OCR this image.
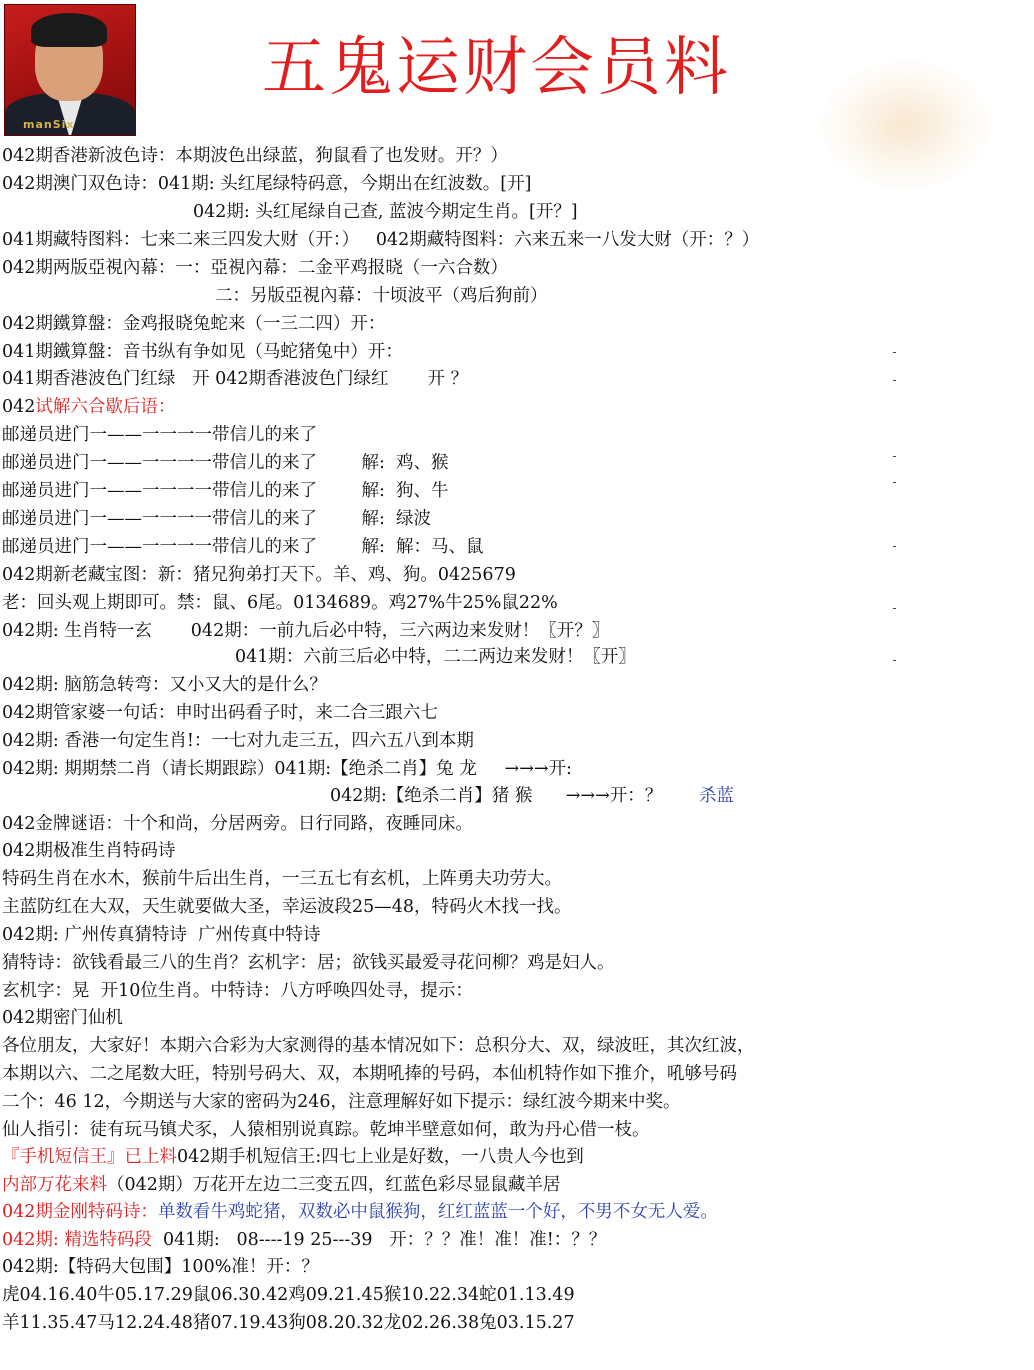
manSix
五鬼运财会员料
042期香港新波色诗：本期波色出绿蓝，狗鼠看了也发财。开？）
042期澳门双色诗：041期: 头红尾绿特码意，今期出在红波数。[开]
042期: 头红尾绿自己查, 蓝波今期定生肖。[开？]
041期藏特图料：七来二来三四发大财（开：）   042期藏特图料：六来五来一八发大财（开：？）
042期两版亞視內幕：一：亞視內幕：二金平鸡报晓（一六合数）
二：另版亞視內幕：十顷波平（鸡后狗前）
042期鐵算盤：金鸡报晓兔蛇来（一三二四）开：
041期鐵算盤：音书纵有争如见（马蛇猪兔中）开：
041期香港波色门红绿   开 042期香港波色门绿红       开 ？
042试解六合歇后语：
邮递员进门一——一一一一带信儿的来了
邮递员进门一——一一一一带信儿的来了        解:  鸡、猴
邮递员进门一——一一一一带信儿的来了        解:  狗、牛
邮递员进门一——一一一一带信儿的来了        解:  绿波
邮递员进门一——一一一一带信儿的来了        解:  解：马、鼠
042期新老藏宝图：新：猪兄狗弟打天下。羊、鸡、狗。0425679
老：回头观上期即可。禁：鼠、6尾。0134689。鸡27%牛25%鼠22%
042期: 生肖特一玄       042期：一前九后必中特，三六两边来发财！〖开？〗
041期：六前三后必中特，二二两边来发财！〖开〗
042期: 脑筋急转弯：又小又大的是什么？
042期管家婆一句话：申时出码看子时，来二合三跟六七
042期: 香港一句定生肖!：一七对九走三五，四六五八到本期
042期: 期期禁二肖（请长期跟踪）041期:【绝杀二肖】兔 龙     →→→开:
042期:【绝杀二肖】猪 猴      →→→开：？   杀蓝
042金牌谜语：十个和尚，分居两旁。日行同路，夜睡同床。
042期极准生肖特码诗
特码生肖在水木，猴前牛后出生肖，一三五七有玄机，上阵勇夫功劳大。
主蓝防红在大双，天生就要做大圣，幸运波段25—48，特码火木找一找。
042期: 广州传真猜特诗  广州传真中特诗
猜特诗：欲钱看最三八的生肖？玄机字：居；欲钱买最爱寻花问柳？鸡是妇人。
玄机字：晃  开10位生肖。中特诗：八方呼唤四处寻，提示：
042期密门仙机
各位朋友，大家好！本期六合彩为大家测得的基本情况如下：总积分大、双，绿波旺，其次红波，
本期以六、二之尾数大旺，特别号码大、双，本期吼捧的号码，本仙机特作如下推介，吼够号码
二个：46 12，今期送与大家的密码为246，注意理解好如下提示：绿红波今期来中奖。
仙人指引：徒有玩马镇犬豕，人猿相别说真踪。乾坤半壁意如何，敢为丹心借一枝。
『手机短信王』已上料042期手机短信王:四七上业是好数，一八贵人今也到
内部万花来料（042期）万花开左边二三变五四，红蓝色彩尽显鼠藏羊居
042期金刚特码诗：单数看牛鸡蛇猪，双数必中鼠猴狗，红红蓝蓝一个好，不男不女无人爱。
042期: 精选特码段  041期:   08----19 25---39   开：？？准！准！准!：？？
042期:【特码大包围】100%准！开：？
虎04.16.40牛05.17.29鼠06.30.42鸡09.21.45猴10.22.34蛇01.13.49
羊11.35.47马12.24.48猪07.19.43狗08.20.32龙02.26.38兔03.15.27
